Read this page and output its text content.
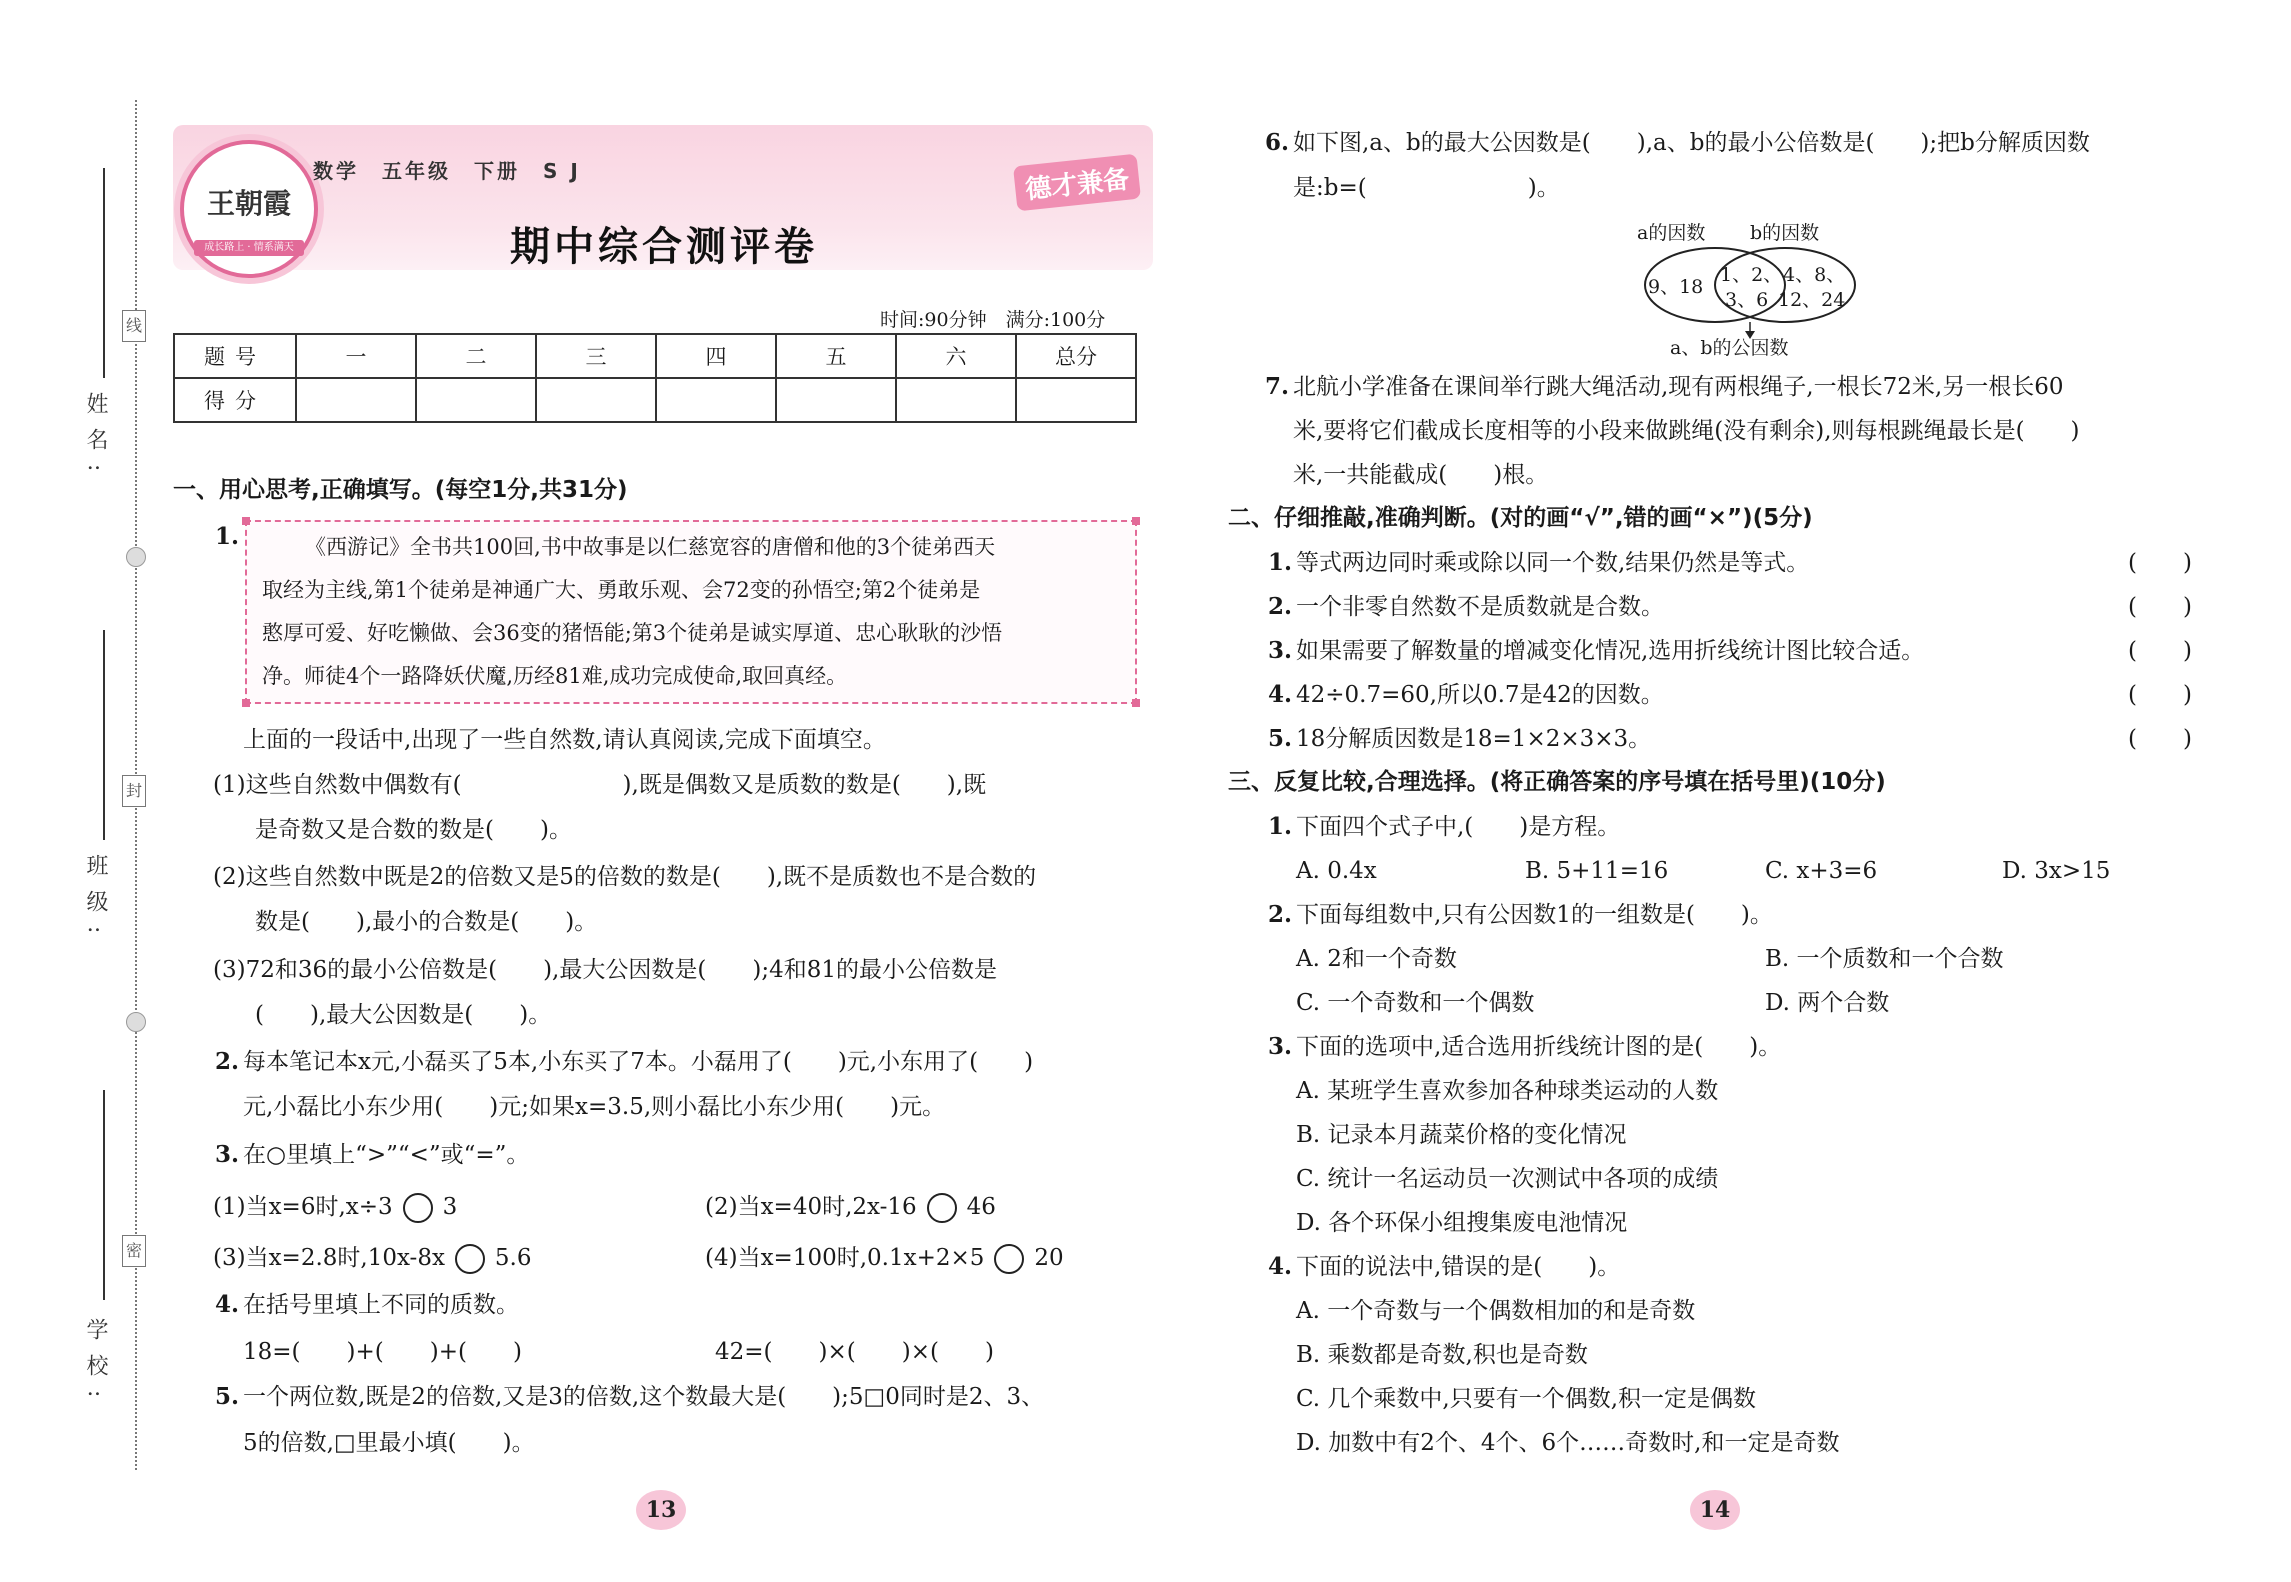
姓名:
线
班级:
封
学校:
密
王朝霞
成长路上 · 情系满天
数学　五年级　下册　S J
期中综合测评卷
德才兼备
时间:90分钟　满分:100分
题号	一	二	三	四	五	六	总分
得分							
一、用心思考,正确填写。(每空1分,共31分)
1.	《西游记》全书共100回,书中故事是以仁慈宽容的唐僧和他的3个徒弟西天
取经为主线,第1个徒弟是神通广大、勇敢乐观、会72变的孙悟空;第2个徒弟是
憨厚可爱、好吃懒做、会36变的猪悟能;第3个徒弟是诚实厚道、忠心耿耿的沙悟
净。师徒4个一路降妖伏魔,历经81难,成功完成使命,取回真经。
上面的一段话中,出现了一些自然数,请认真阅读,完成下面填空。
(1)这些自然数中偶数有(　　　　　　　),既是偶数又是质数的数是(　　),既
是奇数又是合数的数是(　　)。
(2)这些自然数中既是2的倍数又是5的倍数的数是(　　),既不是质数也不是合数的
数是(　　),最小的合数是(　　)。
(3)72和36的最小公倍数是(　　),最大公因数是(　　);4和81的最小公倍数是
(　　),最大公因数是(　　)。
2. 每本笔记本x元,小磊买了5本,小东买了7本。小磊用了(　　)元,小东用了(　　)
元,小磊比小东少用(　　)元;如果x=3.5,则小磊比小东少用(　　)元。
3. 在○里填上“>”“<”或“=”。
(1)当x=6时,x÷3 3	(2)当x=40时,2x-16 46
(3)当x=2.8时,10x-8x 5.6	(4)当x=100时,0.1x+2×5 20
4. 在括号里填上不同的质数。
18=(　　)+(　　)+(　　)	42=(　　)×(　　)×(　　)
5. 一个两位数,既是2的倍数,又是3的倍数,这个数最大是(　　);5□0同时是2、3、
5的倍数,□里最小填(　　)。
13
6. 如下图,a、b的最大公因数是(　　),a、b的最小公倍数是(　　);把b分解质因数
是:b=(　　　　　　　)。
a的因数 b的因数
9、18
1、2、
3、6
4、8、
12、24
a、b的公因数
7. 北航小学准备在课间举行跳大绳活动,现有两根绳子,一根长72米,另一根长60
米,要将它们截成长度相等的小段来做跳绳(没有剩余),则每根跳绳最长是(　　)
米,一共能截成(　　)根。
二、仔细推敲,准确判断。(对的画“√”,错的画“×”)(5分)
1. 等式两边同时乘或除以同一个数,结果仍然是等式。	(　　)
2. 一个非零自然数不是质数就是合数。	(　　)
3. 如果需要了解数量的增减变化情况,选用折线统计图比较合适。	(　　)
4. 42÷0.7=60,所以0.7是42的因数。	(　　)
5. 18分解质因数是18=1×2×3×3。	(　　)
三、反复比较,合理选择。(将正确答案的序号填在括号里)(10分)
1. 下面四个式子中,(　　)是方程。
A. 0.4x	B. 5+11=16	C. x+3=6	D. 3x>15
2. 下面每组数中,只有公因数1的一组数是(　　)。
A. 2和一个奇数	B. 一个质数和一个合数
C. 一个奇数和一个偶数	D. 两个合数
3. 下面的选项中,适合选用折线统计图的是(　　)。
A. 某班学生喜欢参加各种球类运动的人数
B. 记录本月蔬菜价格的变化情况
C. 统计一名运动员一次测试中各项的成绩
D. 各个环保小组搜集废电池情况
4. 下面的说法中,错误的是(　　)。
A. 一个奇数与一个偶数相加的和是奇数
B. 乘数都是奇数,积也是奇数
C. 几个乘数中,只要有一个偶数,积一定是偶数
D. 加数中有2个、4个、6个……奇数时,和一定是奇数
14
